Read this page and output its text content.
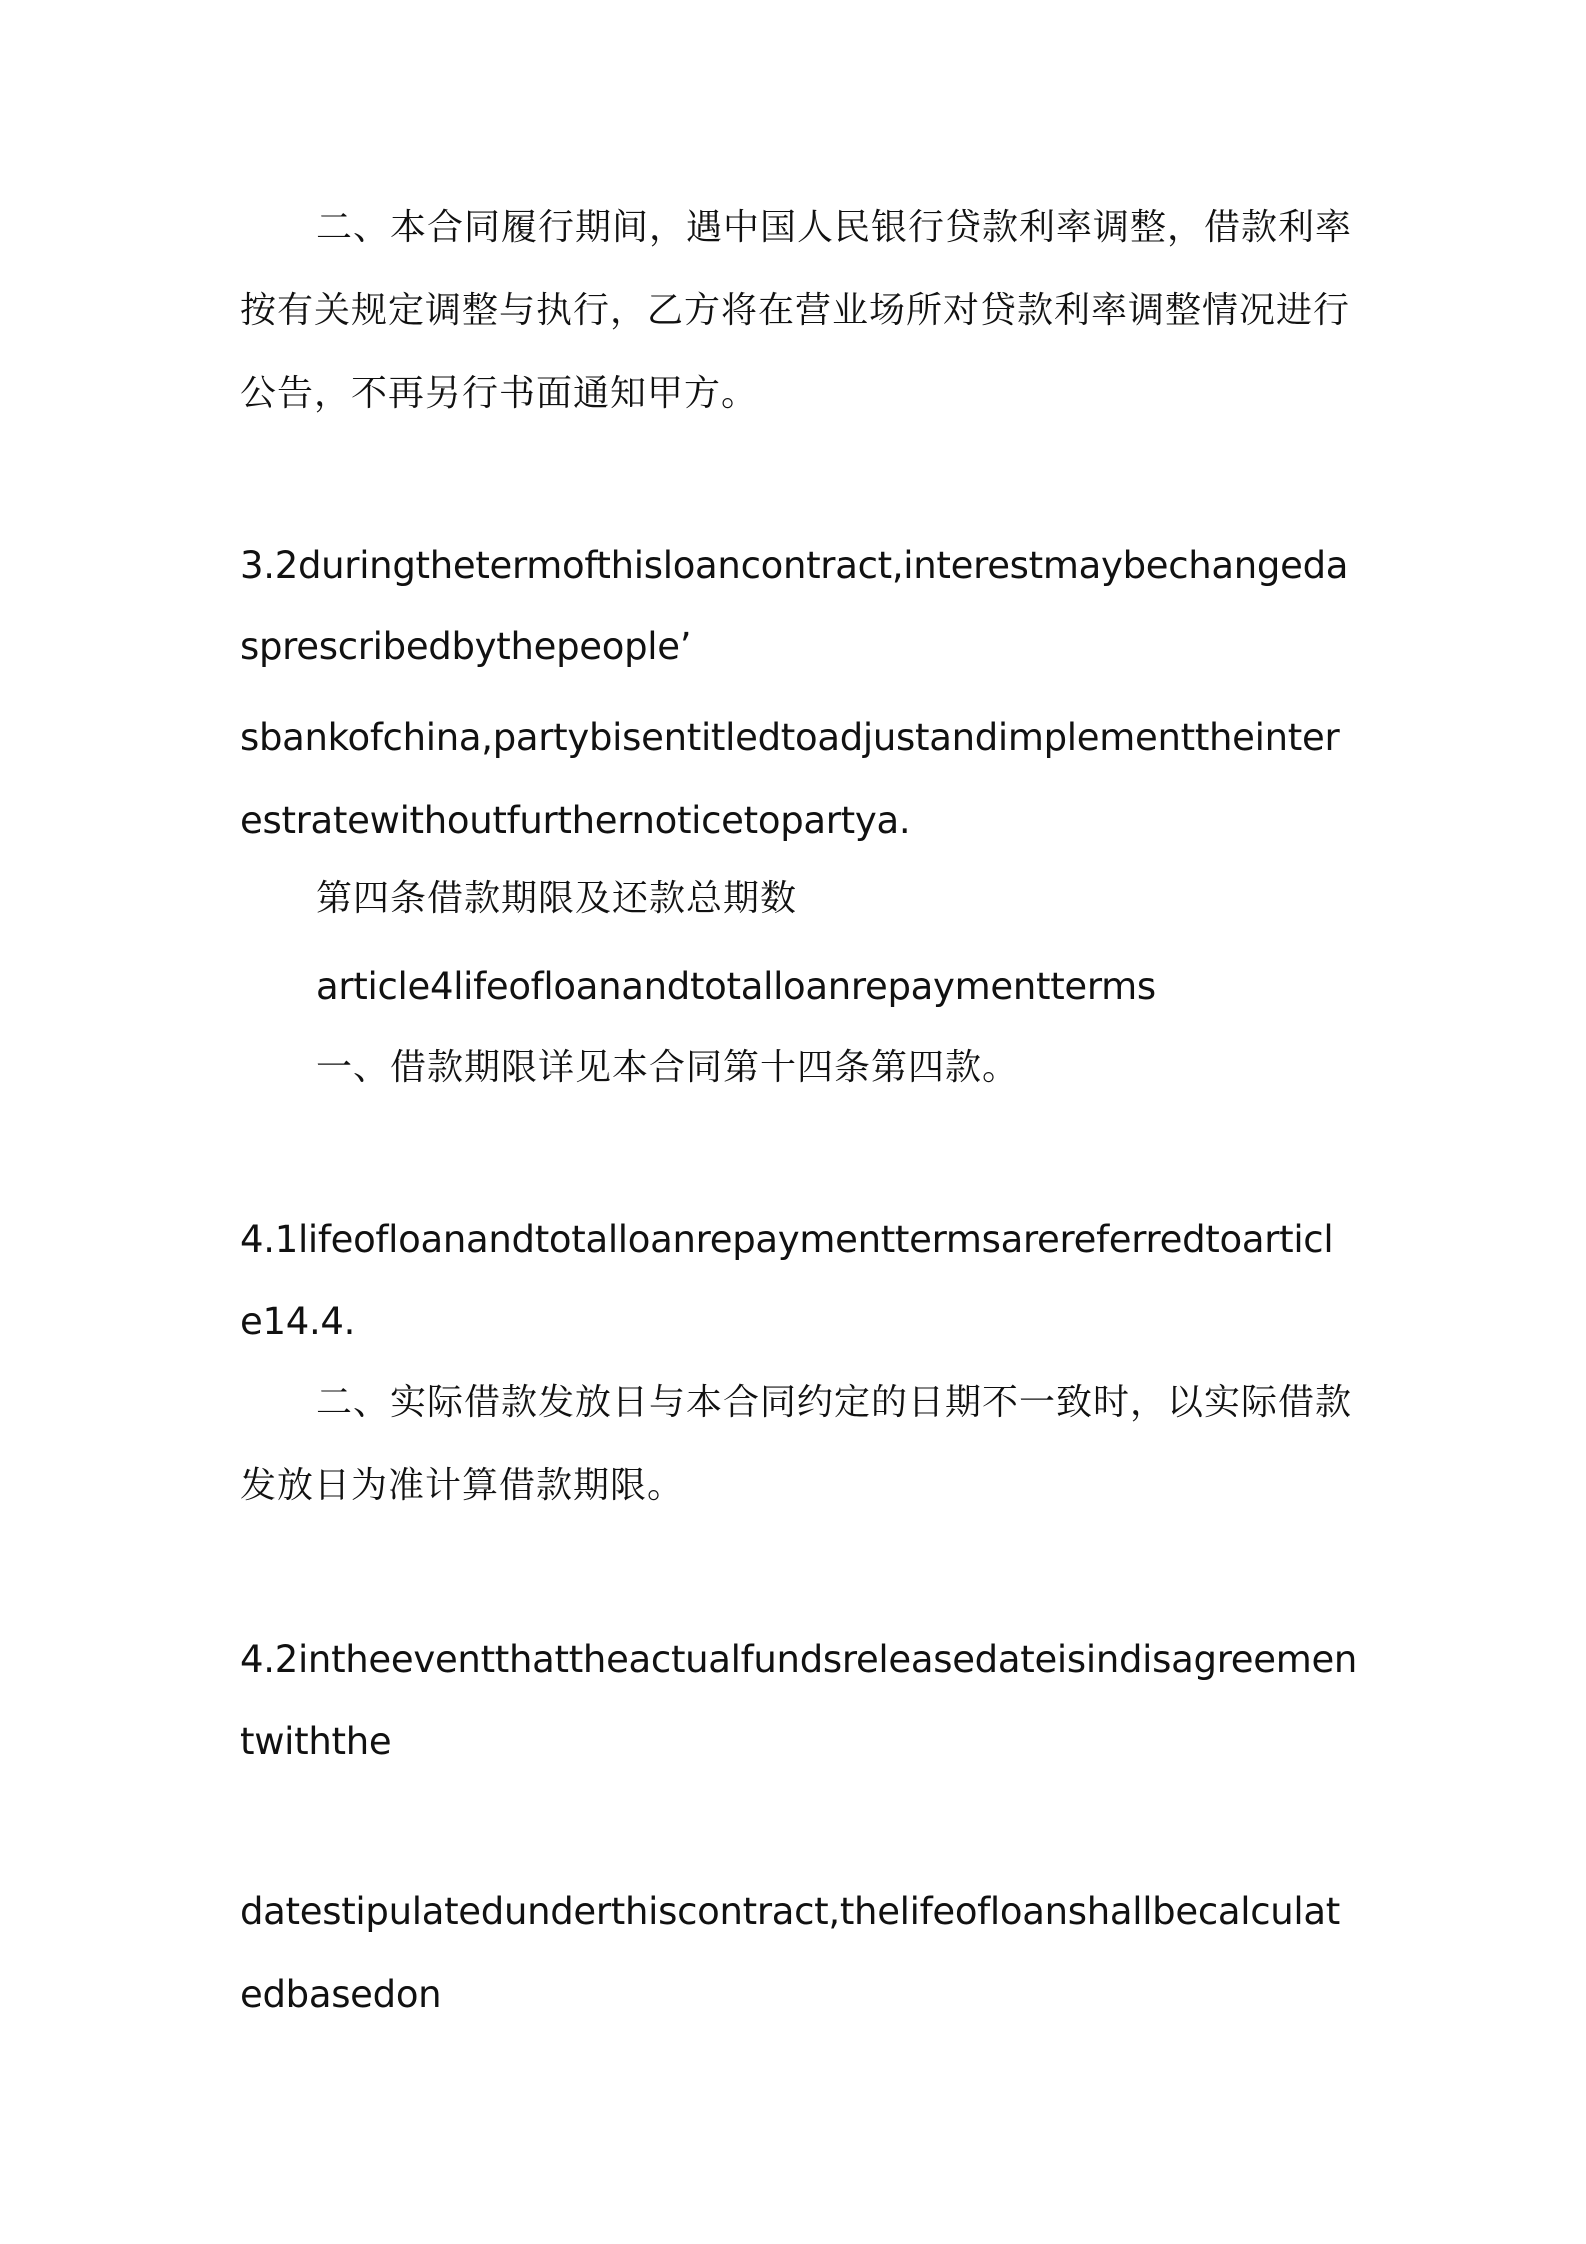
二、本合同履行期间，遇中国人民银行贷款利率调整，借款利率
按有关规定调整与执行，乙方将在营业场所对贷款利率调整情况进行
公告，不再另行书面通知甲方。
3.2duringthetermofthisloancontract,interestmaybechangeda
sprescribedbythepeople’
sbankofchina,partybisentitledtoadjustandimplementtheinter
estratewithoutfurthernoticetopartya.
第四条借款期限及还款总期数
article4lifeofloanandtotalloanrepaymentterms
一、借款期限详见本合同第十四条第四款。
4.1lifeofloanandtotalloanrepaymenttermsarereferredtoarticl
e14.4.
二、实际借款发放日与本合同约定的日期不一致时，以实际借款
发放日为准计算借款期限。
4.2intheeventthattheactualfundsreleasedateisindisagreemen
twiththe
datestipulatedunderthiscontract,thelifeofloanshallbecalculat
edbasedon
